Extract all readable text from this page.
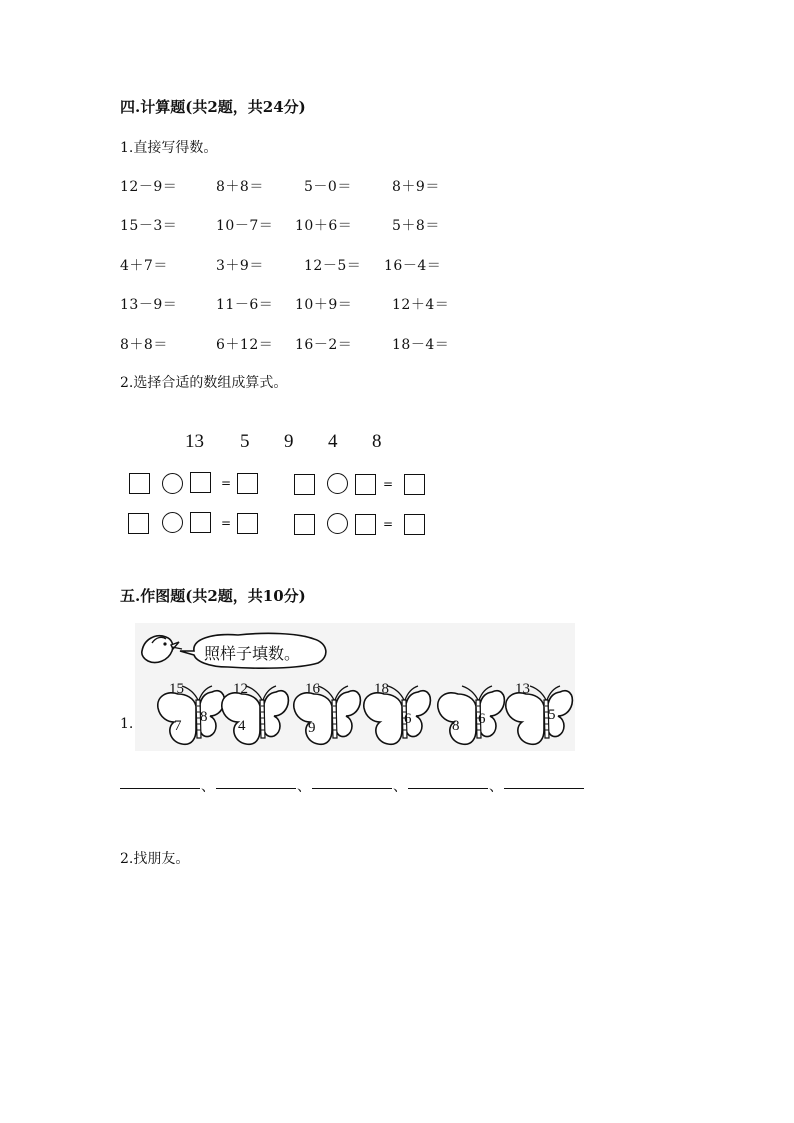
四.计算题(共2题，共24分)
1.直接写得数。
12－9＝	8＋8＝	5－0＝	8＋9＝
15－3＝	10－7＝ 10＋6＝	5＋8＝
4＋7＝	3＋9＝	12－5＝ 16－4＝
13－9＝	11－6＝ 10＋9＝	12＋4＝
8＋8＝	6＋12＝ 16－2＝	18－4＝
2.选择合适的数组成算式。
13 5 9 4 8
=	=
=	=
五.作图题(共2题，共10分)
照样子填数。
1.
15
7
8
12
4
16
9
18
6	8 6
13
5
、	、	、	、
2.找朋友。
